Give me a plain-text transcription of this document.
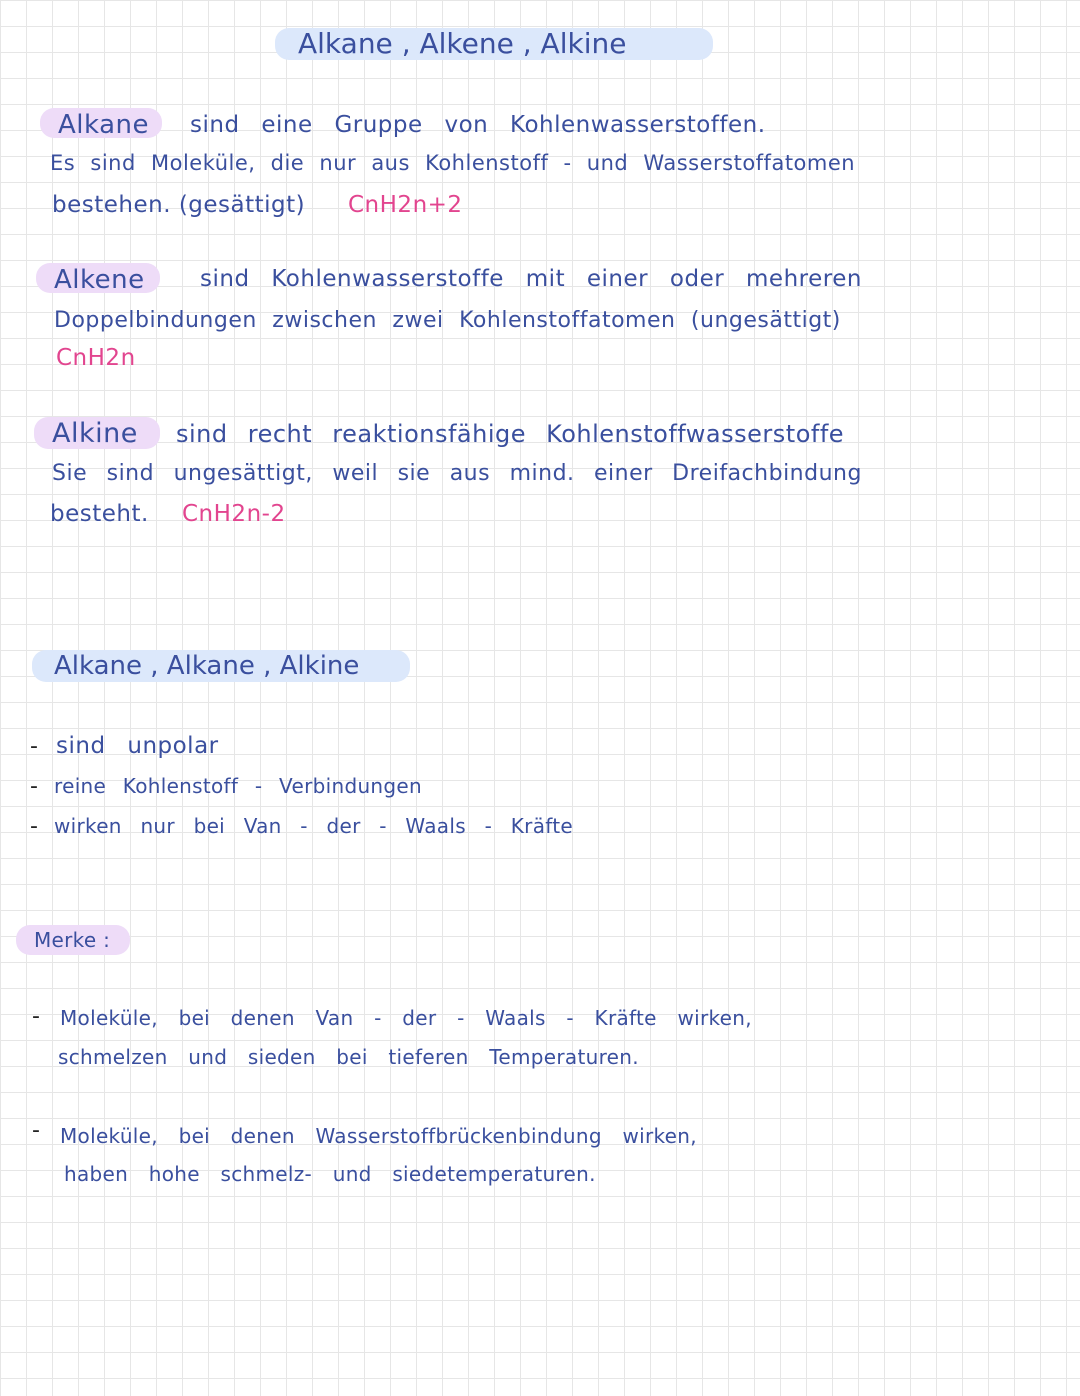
Alkane , Alkene , Alkine
Alkane sind eine Gruppe von Kohlenwasserstoffen.
Es sind Moleküle, die nur aus Kohlenstoff - und Wasserstoffatomen
bestehen. (gesättigt) CnH2n+2
Alkene sind Kohlenwasserstoffe mit einer oder mehreren
Doppelbindungen zwischen zwei Kohlenstoffatomen (ungesättigt)
CnH2n
Alkine sind recht reaktionsfähige Kohlenstoffwasserstoffe
Sie sind ungesättigt, weil sie aus mind. einer Dreifachbindung
besteht. CnH2n-2
Alkane , Alkane , Alkine
- sind unpolar
- reine Kohlenstoff - Verbindungen
- wirken nur bei Van - der - Waals - Kräfte
Merke :
- Moleküle, bei denen Van - der - Waals - Kräfte wirken,
schmelzen und sieden bei tieferen Temperaturen.
- Moleküle, bei denen Wasserstoffbrückenbindung wirken,
haben hohe schmelz- und siedetemperaturen.
